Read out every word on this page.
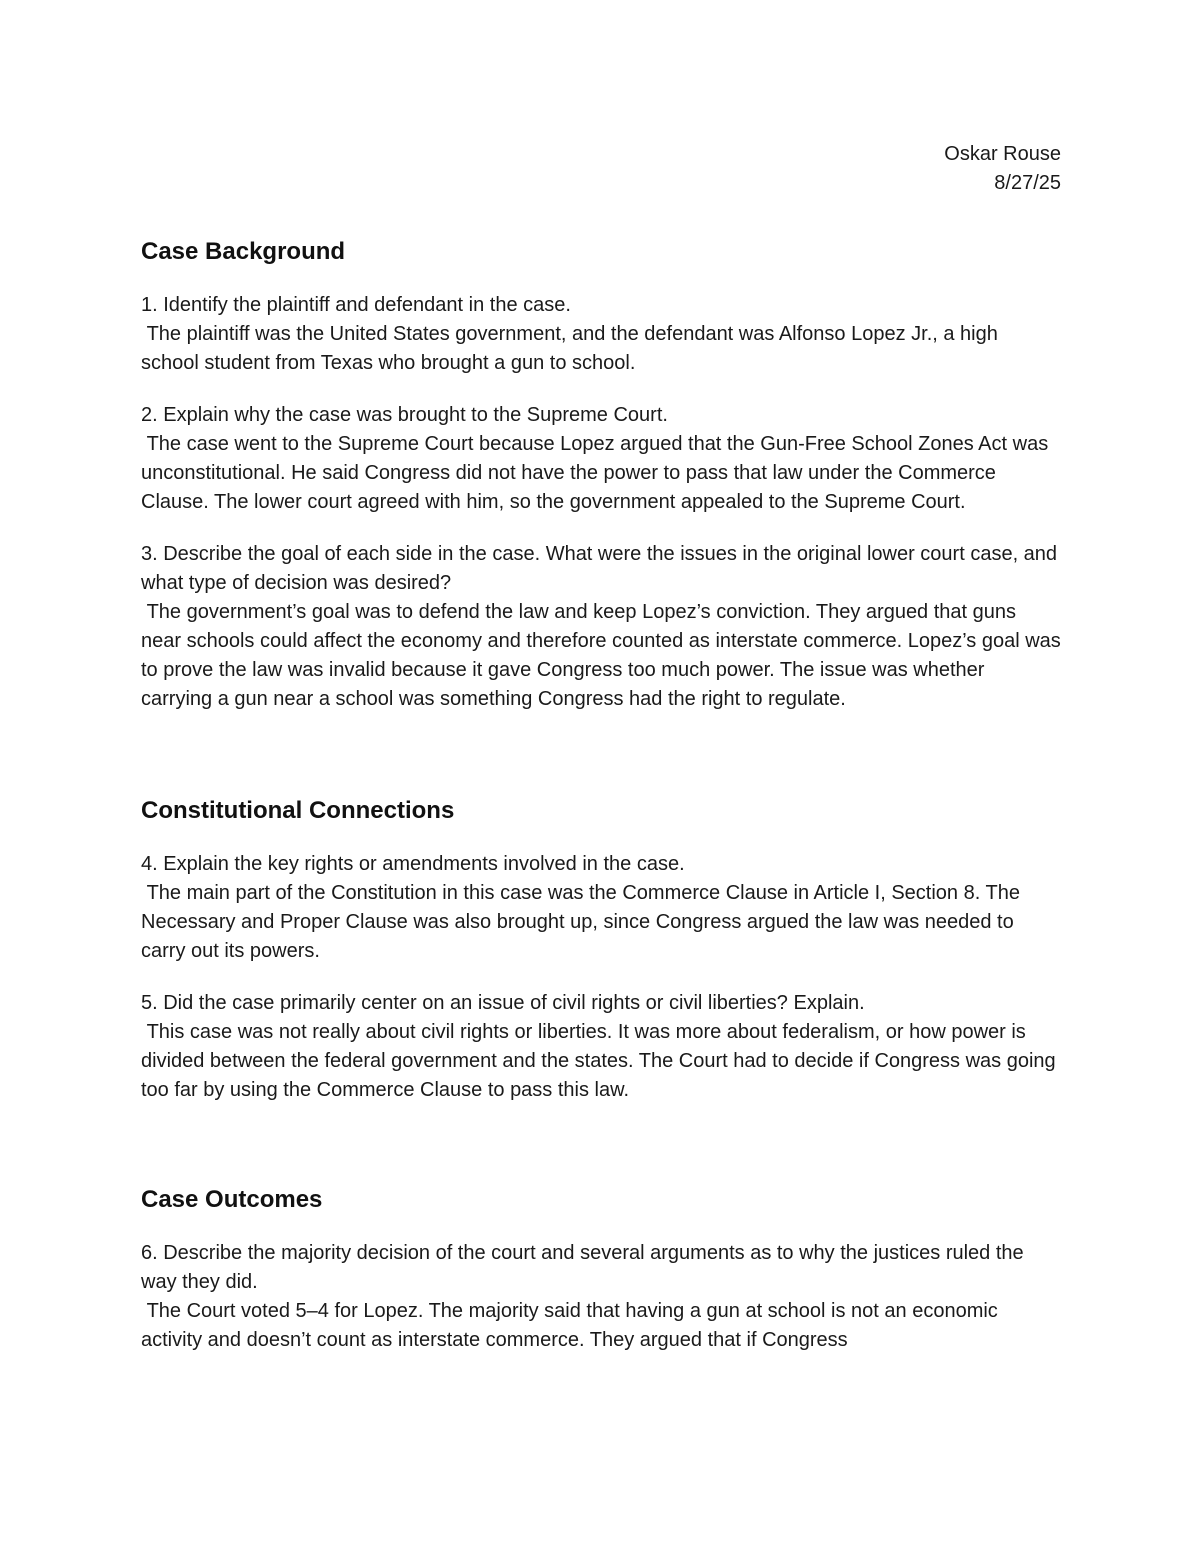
Oskar Rouse
8/27/25
Case Background

1. Identify the plaintiff and defendant in the case.

The plaintiff was the United States government, and the defendant was Alfonso Lopez Jr., a high school student from Texas who brought a gun to school.

2. Explain why the case was brought to the Supreme Court.

The case went to the Supreme Court because Lopez argued that the Gun-Free School Zones Act was unconstitutional. He said Congress did not have the power to pass that law under the Commerce Clause. The lower court agreed with him, so the government appealed to the Supreme Court.

3. Describe the goal of each side in the case. What were the issues in the original lower court case, and what type of decision was desired?

The government’s goal was to defend the law and keep Lopez’s conviction. They argued that guns near schools could affect the economy and therefore counted as interstate commerce. Lopez’s goal was to prove the law was invalid because it gave Congress too much power. The issue was whether carrying a gun near a school was something Congress had the right to regulate.

Constitutional Connections

4. Explain the key rights or amendments involved in the case.

The main part of the Constitution in this case was the Commerce Clause in Article I, Section 8. The Necessary and Proper Clause was also brought up, since Congress argued the law was needed to carry out its powers.

5. Did the case primarily center on an issue of civil rights or civil liberties? Explain.

This case was not really about civil rights or liberties. It was more about federalism, or how power is divided between the federal government and the states. The Court had to decide if Congress was going too far by using the Commerce Clause to pass this law.

Case Outcomes

6. Describe the majority decision of the court and several arguments as to why the justices ruled the way they did.

The Court voted 5–4 for Lopez. The majority said that having a gun at school is not an economic activity and doesn’t count as interstate commerce. They argued that if Congress
